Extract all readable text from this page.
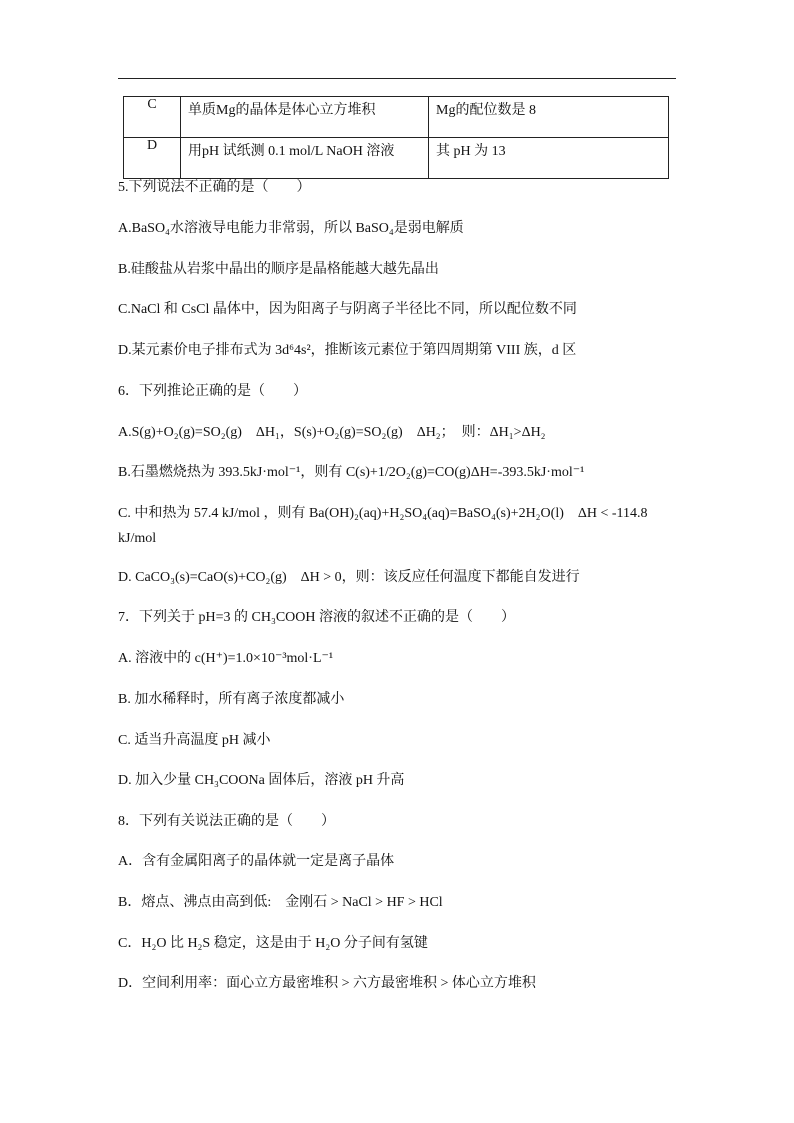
C	单质Mg的晶体是体心立方堆积	Mg的配位数是 8
D	用pH 试纸测 0.1 mol/L NaOH 溶液	其 pH 为 13
5.下列说法不正确的是（　　）
A.BaSO₄水溶液导电能力非常弱，所以 BaSO₄是弱电解质
B.硅酸盐从岩浆中晶出的顺序是晶格能越大越先晶出
C.NaCl 和 CsCl 晶体中，因为阳离子与阴离子半径比不同，所以配位数不同
D.某元素价电子排布式为 3d⁶4s²，推断该元素位于第四周期第 VIII 族，d 区
6．下列推论正确的是（　　）
A.S(g)+O₂(g)=SO₂(g)　ΔH₁，S(s)+O₂(g)=SO₂(g)　ΔH₂；　则：ΔH₁>ΔH₂
B.石墨燃烧热为 393.5kJ·mol⁻¹，则有 C(s)+1/2O₂(g)=CO(g)ΔH=-393.5kJ·mol⁻¹
C. 中和热为 57.4 kJ/mol ，则有 Ba(OH)₂(aq)+H₂SO₄(aq)=BaSO₄(s)+2H₂O(l)　ΔH < -114.8 kJ/mol
D. CaCO₃(s)=CaO(s)+CO₂(g)　ΔH > 0，则：该反应任何温度下都能自发进行
7．下列关于 pH=3 的 CH₃COOH 溶液的叙述不正确的是（　　）
A. 溶液中的 c(H⁺)=1.0×10⁻³mol·L⁻¹
B. 加水稀释时，所有离子浓度都减小
C. 适当升高温度 pH 减小
D. 加入少量 CH₃COONa 固体后，溶液 pH 升高
8．下列有关说法正确的是（　　）
A．含有金属阳离子的晶体就一定是离子晶体
B．熔点、沸点由高到低:　金刚石 > NaCl > HF > HCl
C．H₂O 比 H₂S 稳定，这是由于 H₂O 分子间有氢键
D．空间利用率：面心立方最密堆积 > 六方最密堆积 > 体心立方堆积
